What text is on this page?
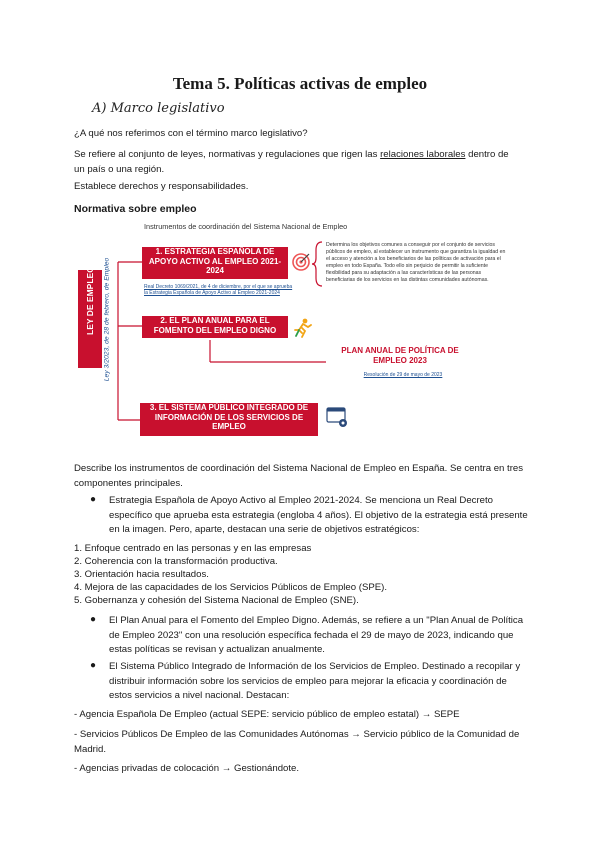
Tema 5. Políticas activas de empleo
A) Marco legislativo
¿A qué nos referimos con el término marco legislativo?
Se refiere al conjunto de leyes, normativas y regulaciones que rigen las relaciones laborales dentro de un país o una región.
Establece derechos y responsabilidades.
Normativa sobre empleo
Instrumentos de coordinación del Sistema Nacional de Empleo
LEY DE EMPLEO Ley 3/2023, de 28 de febrero, de Empleo
1. ESTRATEGIA ESPAÑOLA DE APOYO ACTIVO AL EMPLEO 2021-2024
Real Decreto 1069/2021, de 4 de diciembre, por el que se aprueba la Estrategia Española de Apoyo Activo al Empleo 2021-2024
Determina los objetivos comunes a conseguir por el conjunto de servicios públicos de empleo, al establecer un instrumento que garantiza la igualdad en el acceso y atención a los beneficiarios de las políticas de activación para el empleo en todo España. Todo ello sin perjuicio de permitir la suficiente flexibilidad para su adaptación a las características de las personas beneficiarias de los servicios en las distintas comunidades autónomas.
2. EL PLAN ANUAL PARA EL FOMENTO DEL EMPLEO DIGNO
PLAN ANUAL DE POLÍTICA DE EMPLEO 2023
Resolución de 29 de mayo de 2023
3. EL SISTEMA PÚBLICO INTEGRADO DE INFORMACIÓN DE LOS SERVICIOS DE EMPLEO
Describe los instrumentos de coordinación del Sistema Nacional de Empleo en España. Se centra en tres componentes principales.
●	Estrategia Española de Apoyo Activo al Empleo 2021-2024. Se menciona un Real Decreto específico que aprueba esta estrategia (engloba 4 años). El objetivo de la estrategia está presente en la imagen. Pero, aparte, destacan una serie de objetivos estratégicos:
1. Enfoque centrado en las personas y en las empresas
2. Coherencia con la transformación productiva.
3. Orientación hacia resultados.
4. Mejora de las capacidades de los Servicios Públicos de Empleo (SPE).
5. Gobernanza y cohesión del Sistema Nacional de Empleo (SNE).
●	El Plan Anual para el Fomento del Empleo Digno. Además, se refiere a un "Plan Anual de Política de Empleo 2023" con una resolución específica fechada el 29 de mayo de 2023, indicando que estas políticas se revisan y actualizan anualmente.
●	El Sistema Público Integrado de Información de los Servicios de Empleo. Destinado a recopilar y distribuir información sobre los servicios de empleo para mejorar la eficacia y coordinación de estos servicios a nivel nacional. Destacan:
- Agencia Española De Empleo (actual SEPE: servicio público de empleo estatal) → SEPE
- Servicios Públicos De Empleo de las Comunidades Autónomas → Servicio público de la Comunidad de Madrid.
- Agencias privadas de colocación → Gestionándote.
